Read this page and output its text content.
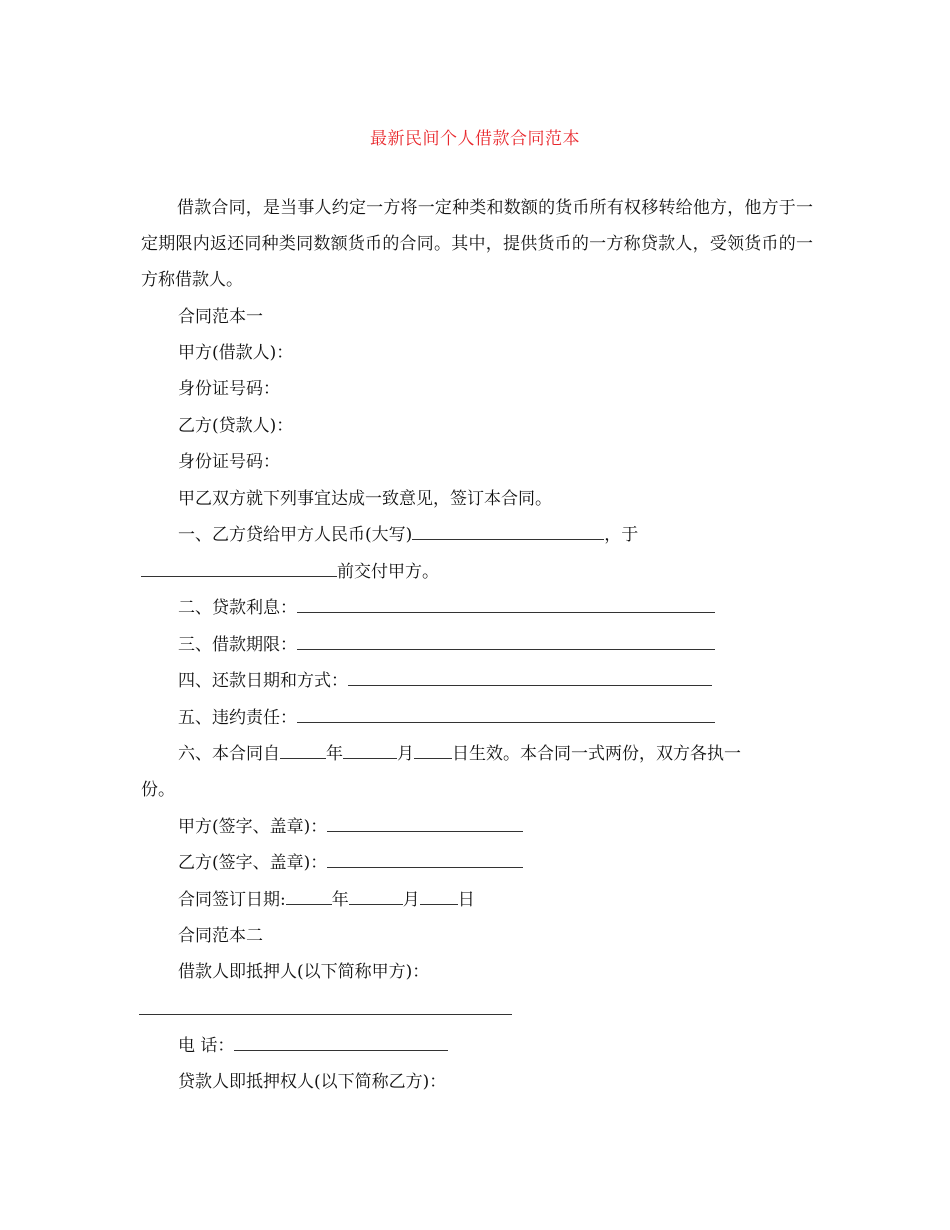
最新民间个人借款合同范本

借款合同，是当事人约定一方将一定种类和数额的货币所有权移转给他方，他方于一定期限内返还同种类同数额货币的合同。其中，提供货币的一方称贷款人，受领货币的一方称借款人。

合同范本一

甲方(借款人)：

身份证号码：

乙方(贷款人)：

身份证号码：

甲乙双方就下列事宜达成一致意见，签订本合同。

一、乙方贷给甲方人民币(大写)	，于

前交付甲方。

二、贷款利息：

三、借款期限：

四、还款日期和方式：

五、违约责任：

六、本合同自	年	月 日生效。本合同一式两份，双方各执一

份。

甲方(签字、盖章)：

乙方(签字、盖章)：

合同签订日期:	年	月 日

合同范本二

借款人即抵押人(以下简称甲方)：

电 话：

贷款人即抵押权人(以下简称乙方)：
